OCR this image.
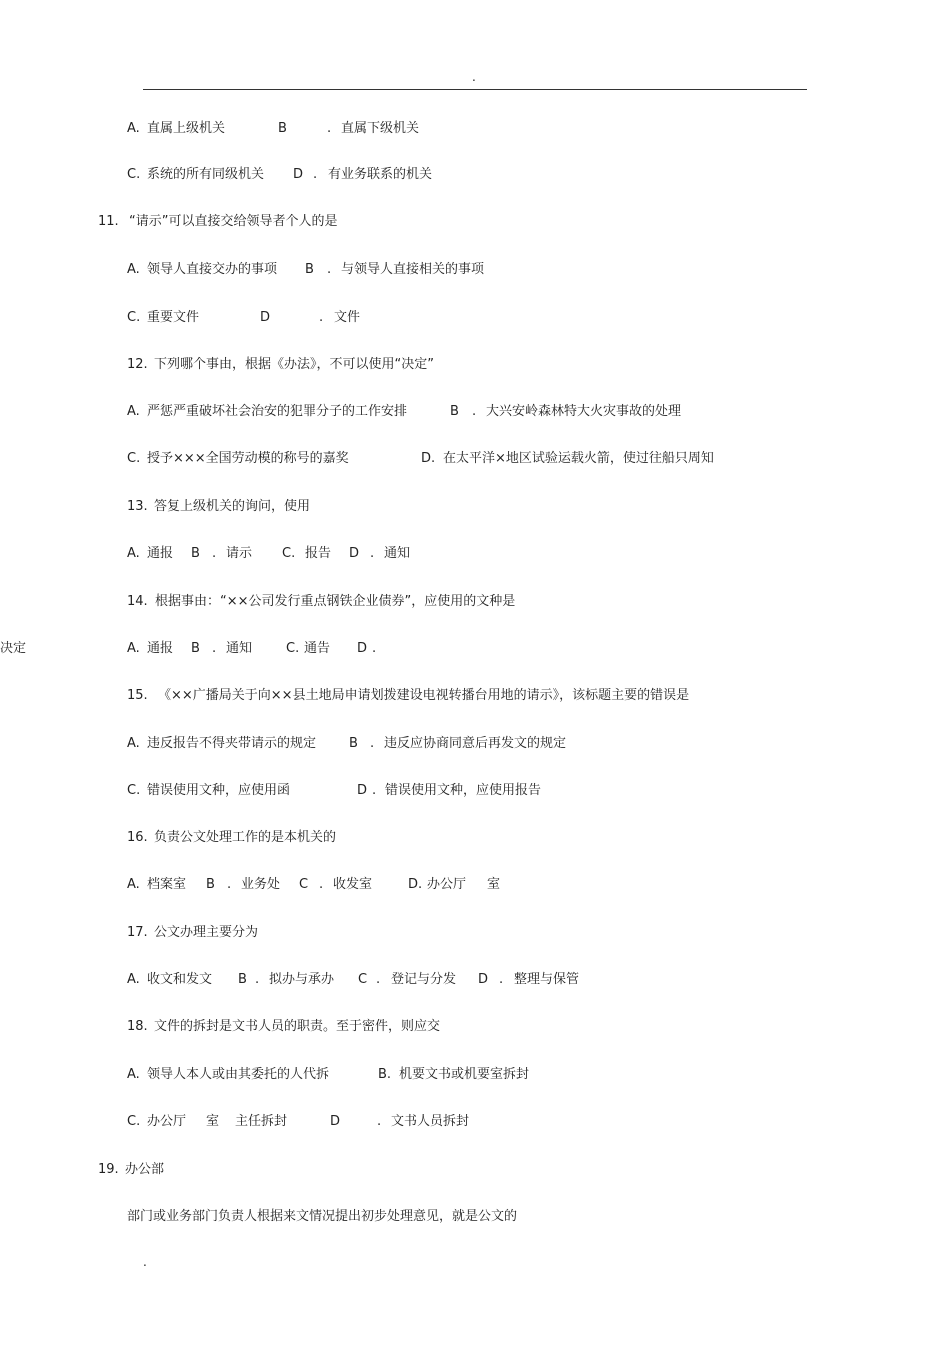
.
A. 直属上级机关	B	. 直属下级机关
C. 系统的所有同级机关 D . 有业务联系的机关
11. “请示”可以直接交给领导者个人的是
A. 领导人直接交办的事项 B . 与领导人直接相关的事项
C. 重要文件	D	. 文件
12. 下列哪个事由，根据《办法》，不可以使用“决定”
A. 严惩严重破坏社会治安的犯罪分子的工作安排	B . 大兴安岭森林特大火灾事故的处理
C. 授予×××全国劳动模的称号的嘉奖	D. 在太平洋×地区试验运载火箭，使过往船只周知
13. 答复上级机关的询问，使用
A. 通报 B . 请示 C. 报告 D . 通知
14. 根据事由：“××公司发行重点钢铁企业债券”，应使用的文种是
A. 通报 B . 通知	C. 通告 D .
决定
15. 《××广播局关于向××县土地局申请划拨建设电视转播台用地的请示》，该标题主要的错误是
A. 违反报告不得夹带请示的规定	B . 违反应协商同意后再发文的规定
C. 错误使用文种，应使用函	D . 错误使用文种，应使用报告
16. 负责公文处理工作的是本机关的
A. 档案室 B . 业务处 C . 收发室	D. 办公厅 室
17. 公文办理主要分为
A. 收文和发文 B . 拟办与承办 C . 登记与分发 D . 整理与保管
18. 文件的拆封是文书人员的职责。至于密件，则应交
A. 领导人本人或由其委托的人代拆	B. 机要文书或机要室拆封
C. 办公厅 室 主任拆封	D	. 文书人员拆封
19. 办公部
部门或业务部门负责人根据来文情况提出初步处理意见，就是公文的
.
